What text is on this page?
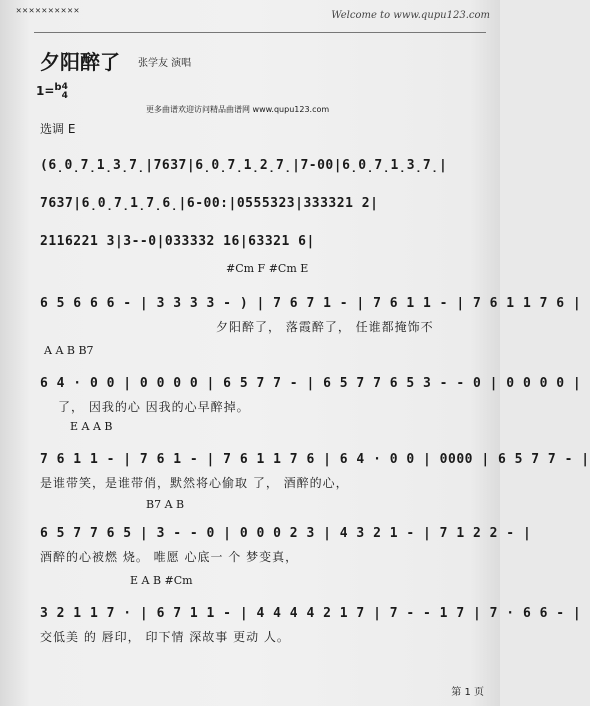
✕✕✕✕✕✕✕✕✕✕	Welcome to www.qupu123.com
夕阳醉了 张学友 演唱
1=$^b$4
4
更多曲谱欢迎访问精品曲谱网 www.qupu123.com
选调 E
(6̣0̣7̣1̣3̣7̣|7637|6̣0̣7̣1̣2̣7̣|7-00|6̣0̣7̣1̣3̣7̣|
7637|6̣0̣7̣1̣7̣6̣|6-00:|0555323|333321 2|
2116221 3|3--0|033332 16|63321 6|
#Cm F #Cm E
6 5 6 6 6 - | 3 3 3 3 - ) | 7 6 7 1 - | 7 6 1 1 - | 7 6 1 1 7 6 |
夕阳醉了， 落霞醉了， 任谁都掩饰不
A A B B7
6 4 · 0 0 | 0 0 0 0 | 6 5 7 7 - | 6 5 7 7 6 5 3 - - 0 | 0 0 0 0 |
了， 因我的心 因我的心早醉掉。
E A A B
7 6 1 1 - | 7 6 1 - | 7 6 1 1 7 6 | 6 4 · 0 0 | 0000 | 6 5 7 7 - |
是谁带笑，是谁带俏，默然将心偷取 了， 酒醉的心，
B7 A B
6 5 7 7 6 5 | 3 - - 0 | 0 0 0 2 3 | 4 3 2 1 - | 7 1 2 2 - |
酒醉的心被燃 烧。 唯愿 心底一 个 梦变真，
E A B #Cm
3 2 1 1 7 · | 6 7 1 1 - | 4 4 4 4 2 1 7 | 7 - - 1 7 | 7 · 6 6 - |
交低美 的 唇印， 印下情 深故事 更动 人。
第 1 页
